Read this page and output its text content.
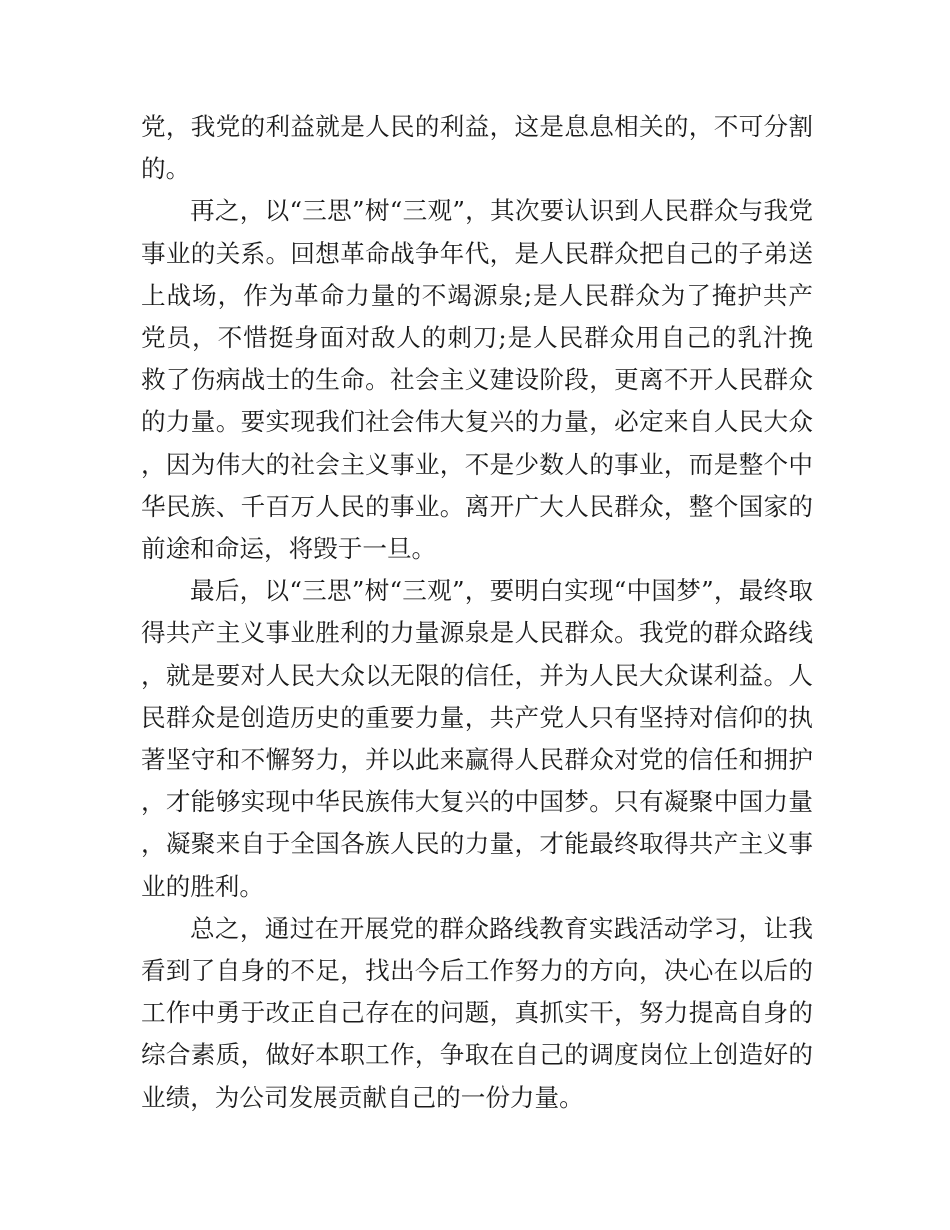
党，我党的利益就是人民的利益，这是息息相关的，不可分割的。

再之，以“三思”树“三观”，其次要认识到人民群众与我党事业的关系。回想革命战争年代，是人民群众把自己的子弟送上战场，作为革命力量的不竭源泉;是人民群众为了掩护共产党员，不惜挺身面对敌人的刺刀;是人民群众用自己的乳汁挽救了伤病战士的生命。社会主义建设阶段，更离不开人民群众的力量。要实现我们社会伟大复兴的力量，必定来自人民大众，因为伟大的社会主义事业，不是少数人的事业，而是整个中华民族、千百万人民的事业。离开广大人民群众，整个国家的前途和命运，将毁于一旦。

最后，以“三思”树“三观”，要明白实现“中国梦”，最终取得共产主义事业胜利的力量源泉是人民群众。我党的群众路线，就是要对人民大众以无限的信任，并为人民大众谋利益。人民群众是创造历史的重要力量，共产党人只有坚持对信仰的执著坚守和不懈努力，并以此来赢得人民群众对党的信任和拥护，才能够实现中华民族伟大复兴的中国梦。只有凝聚中国力量，凝聚来自于全国各族人民的力量，才能最终取得共产主义事业的胜利。

总之，通过在开展党的群众路线教育实践活动学习，让我看到了自身的不足，找出今后工作努力的方向，决心在以后的工作中勇于改正自己存在的问题，真抓实干，努力提高自身的综合素质，做好本职工作，争取在自己的调度岗位上创造好的业绩，为公司发展贡献自己的一份力量。
